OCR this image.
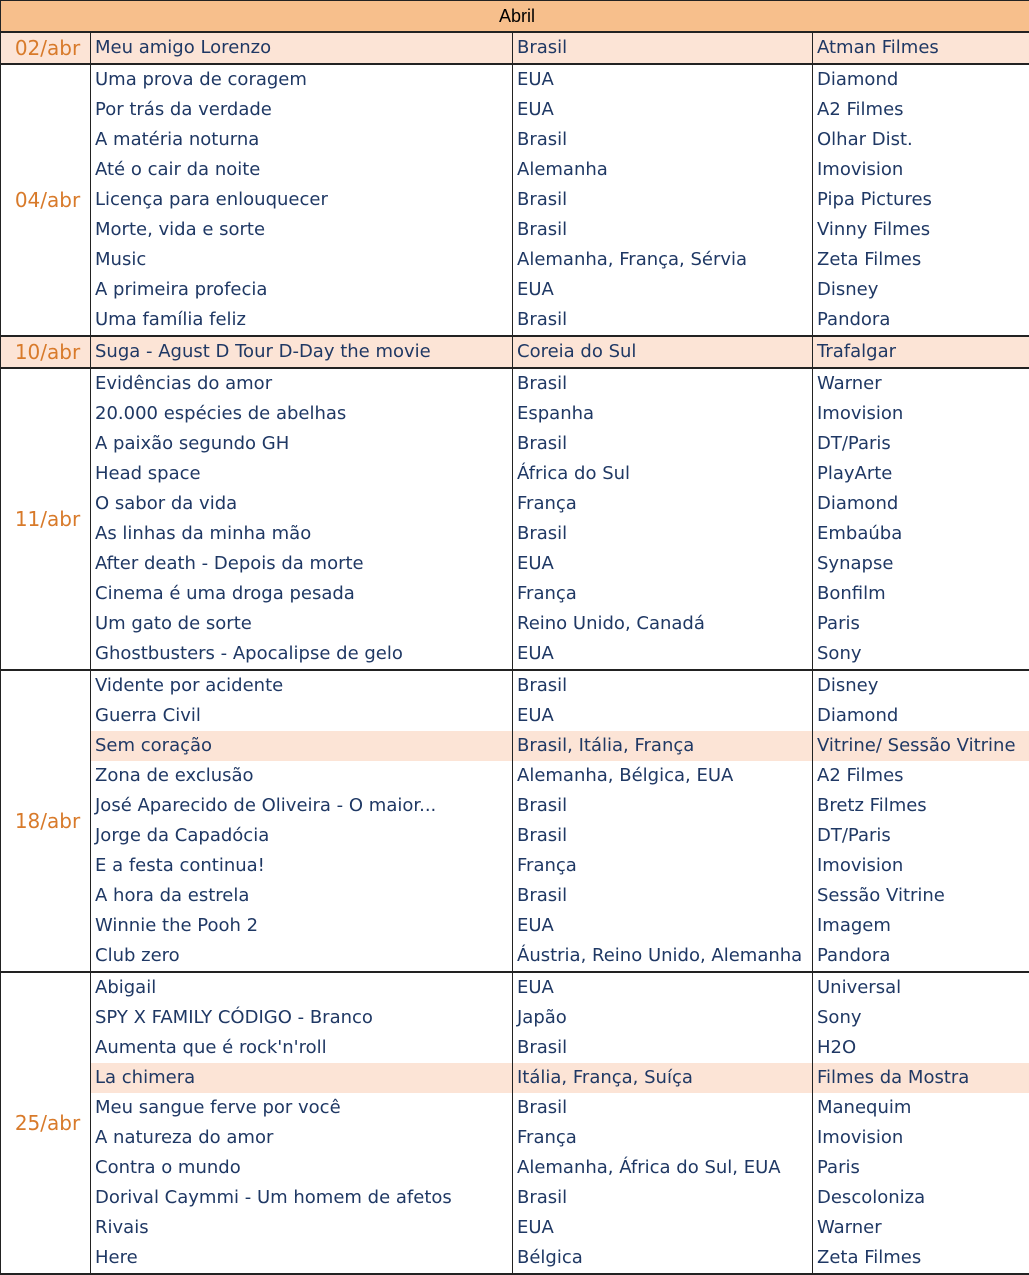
Abril			
02/abr	Meu amigo Lorenzo	Brasil	Atman Filmes
04/abr	Uma prova de coragem	EUA	Diamond
	Por trás da verdade	EUA	A2 Filmes
	A matéria noturna	Brasil	Olhar Dist.
	Até o cair da noite	Alemanha	Imovision
	Licença para enlouquecer	Brasil	Pipa Pictures
	Morte, vida e sorte	Brasil	Vinny Filmes
	Music	Alemanha, França, Sérvia	Zeta Filmes
	A primeira profecia	EUA	Disney
	Uma família feliz	Brasil	Pandora
10/abr	Suga - Agust D Tour D-Day the movie	Coreia do Sul	Trafalgar
11/abr	Evidências do amor	Brasil	Warner
	20.000 espécies de abelhas	Espanha	Imovision
	A paixão segundo GH	Brasil	DT/Paris
	Head space	África do Sul	PlayArte
	O sabor da vida	França	Diamond
	As linhas da minha mão	Brasil	Embaúba
	After death - Depois da morte	EUA	Synapse
	Cinema é uma droga pesada	França	Bonfilm
	Um gato de sorte	Reino Unido, Canadá	Paris
	Ghostbusters - Apocalipse de gelo	EUA	Sony
18/abr	Vidente por acidente	Brasil	Disney
	Guerra Civil	EUA	Diamond
	Sem coração	Brasil, Itália, França	Vitrine/ Sessão Vitrine
	Zona de exclusão	Alemanha, Bélgica, EUA	A2 Filmes
	José Aparecido de Oliveira - O maior...	Brasil	Bretz Filmes
	Jorge da Capadócia	Brasil	DT/Paris
	E a festa continua!	França	Imovision
	A hora da estrela	Brasil	Sessão Vitrine
	Winnie the Pooh 2	EUA	Imagem
	Club zero	Áustria, Reino Unido, Alemanha	Pandora
25/abr	Abigail	EUA	Universal
	SPY X FAMILY CÓDIGO - Branco	Japão	Sony
	Aumenta que é rock'n'roll	Brasil	H2O
	La chimera	Itália, França, Suíça	Filmes da Mostra
	Meu sangue ferve por você	Brasil	Manequim
	A natureza do amor	França	Imovision
	Contra o mundo	Alemanha, África do Sul, EUA	Paris
	Dorival Caymmi - Um homem de afetos	Brasil	Descoloniza
	Rivais	EUA	Warner
	Here	Bélgica	Zeta Filmes
